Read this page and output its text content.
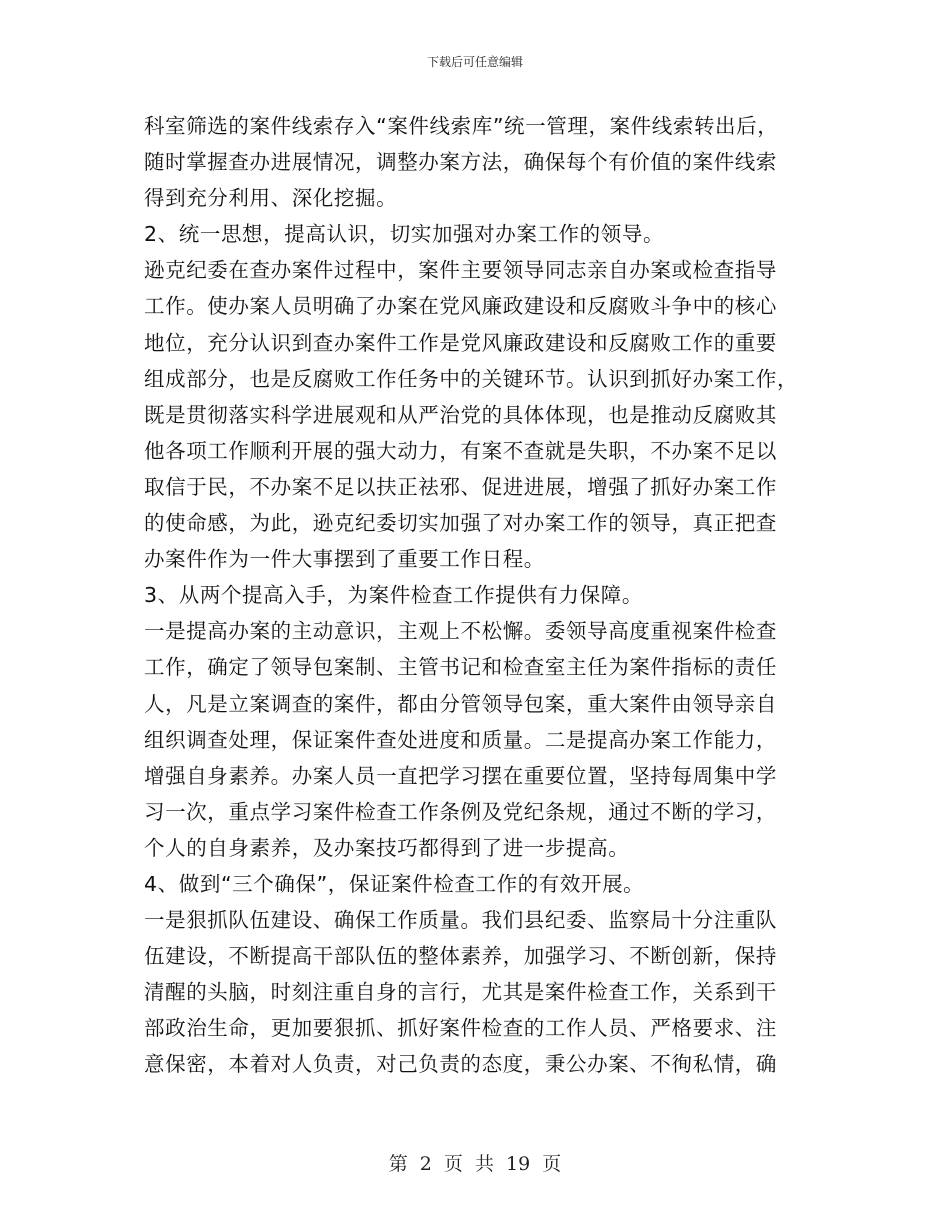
下载后可任意编辑
科室筛选的案件线索存入“案件线索库”统一管理，案件线索转出后，
随时掌握查办进展情况，调整办案方法，确保每个有价值的案件线索
得到充分利用、深化挖掘。
2、统一思想，提高认识，切实加强对办案工作的领导。
逊克纪委在查办案件过程中，案件主要领导同志亲自办案或检查指导
工作。使办案人员明确了办案在党风廉政建设和反腐败斗争中的核心
地位，充分认识到查办案件工作是党风廉政建设和反腐败工作的重要
组成部分，也是反腐败工作任务中的关键环节。认识到抓好办案工作，
既是贯彻落实科学进展观和从严治党的具体体现，也是推动反腐败其
他各项工作顺利开展的强大动力，有案不查就是失职，不办案不足以
取信于民，不办案不足以扶正祛邪、促进进展，增强了抓好办案工作
的使命感，为此，逊克纪委切实加强了对办案工作的领导，真正把查
办案件作为一件大事摆到了重要工作日程。
3、从两个提高入手，为案件检查工作提供有力保障。
一是提高办案的主动意识，主观上不松懈。委领导高度重视案件检查
工作，确定了领导包案制、主管书记和检查室主任为案件指标的责任
人，凡是立案调查的案件，都由分管领导包案，重大案件由领导亲自
组织调查处理，保证案件查处进度和质量。二是提高办案工作能力，
增强自身素养。办案人员一直把学习摆在重要位置，坚持每周集中学
习一次，重点学习案件检查工作条例及党纪条规，通过不断的学习，
个人的自身素养，及办案技巧都得到了进一步提高。
4、做到“三个确保”，保证案件检查工作的有效开展。
一是狠抓队伍建设、确保工作质量。我们县纪委、监察局十分注重队
伍建设，不断提高干部队伍的整体素养，加强学习、不断创新，保持
清醒的头脑，时刻注重自身的言行，尤其是案件检查工作，关系到干
部政治生命，更加要狠抓、抓好案件检查的工作人员、严格要求、注
意保密，本着对人负责，对己负责的态度，秉公办案、不徇私情，确
第 2 页 共 19 页
